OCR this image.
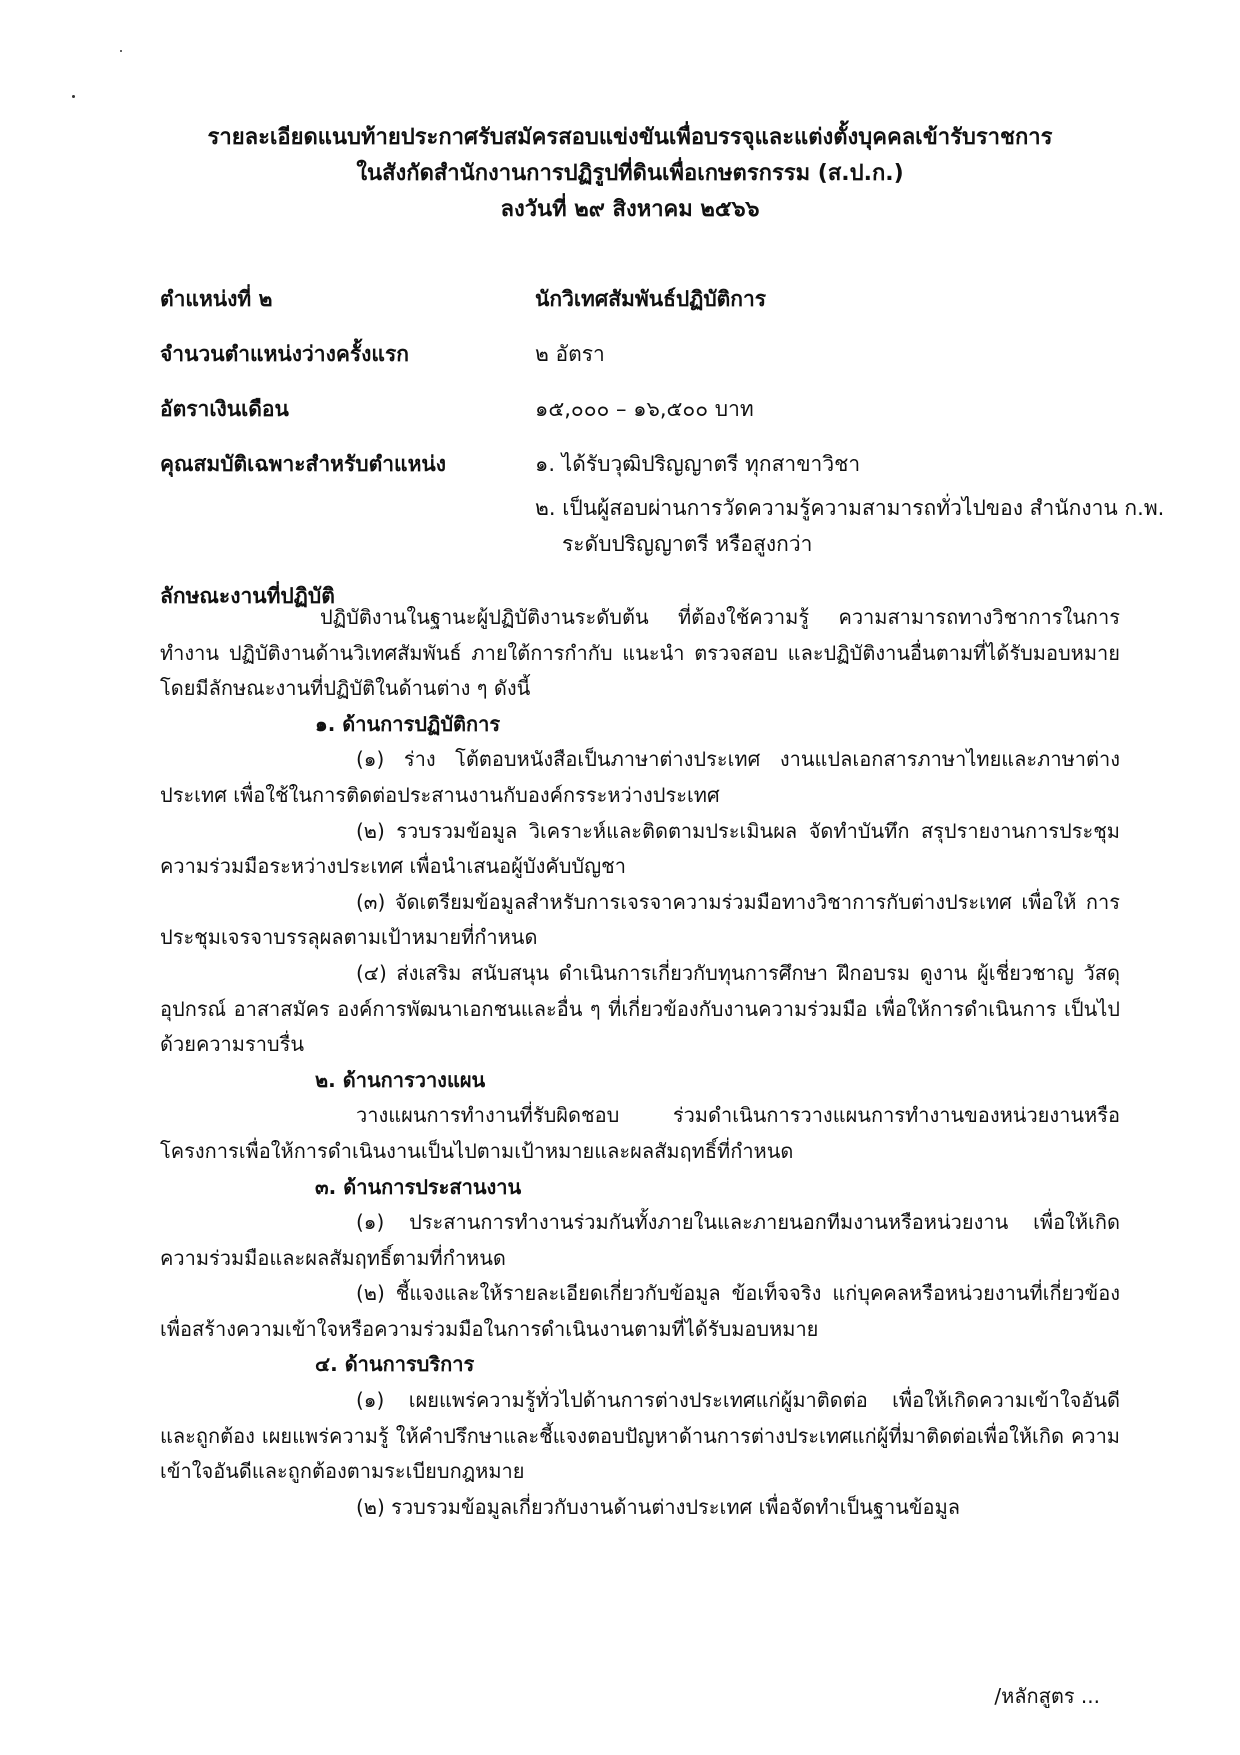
รายละเอียดแนบท้ายประกาศรับสมัครสอบแข่งขันเพื่อบรรจุและแต่งตั้งบุคคลเข้ารับราชการ
ในสังกัดสำนักงานการปฏิรูปที่ดินเพื่อเกษตรกรรม (ส.ป.ก.)
ลงวันที่ ๒๙ สิงหาคม ๒๕๖๖
ตำแหน่งที่ ๒	นักวิเทศสัมพันธ์ปฏิบัติการ
จำนวนตำแหน่งว่างครั้งแรก	๒ อัตรา
อัตราเงินเดือน	๑๕,๐๐๐ – ๑๖,๕๐๐ บาท
คุณสมบัติเฉพาะสำหรับตำแหน่ง	๑. ได้รับวุฒิปริญญาตรี ทุกสาขาวิชา
๒. เป็นผู้สอบผ่านการวัดความรู้ความสามารถทั่วไปของ สำนักงาน ก.พ.
ระดับปริญญาตรี หรือสูงกว่า
ลักษณะงานที่ปฏิบัติ

ปฏิบัติงานในฐานะผู้ปฏิบัติงานระดับต้น ที่ต้องใช้ความรู้ ความสามารถทางวิชาการในการทำงาน ปฏิบัติงานด้านวิเทศสัมพันธ์ ภายใต้การกำกับ แนะนำ ตรวจสอบ และปฏิบัติงานอื่นตามที่ได้รับมอบหมาย โดยมีลักษณะงานที่ปฏิบัติในด้านต่าง ๆ ดังนี้

๑. ด้านการปฏิบัติการ

(๑) ร่าง โต้ตอบหนังสือเป็นภาษาต่างประเทศ งานแปลเอกสารภาษาไทยและภาษาต่างประเทศ เพื่อใช้ในการติดต่อประสานงานกับองค์กรระหว่างประเทศ

(๒) รวบรวมข้อมูล วิเคราะห์และติดตามประเมินผล จัดทำบันทึก สรุปรายงานการประชุม ความร่วมมือระหว่างประเทศ เพื่อนำเสนอผู้บังคับบัญชา

(๓) จัดเตรียมข้อมูลสำหรับการเจรจาความร่วมมือทางวิชาการกับต่างประเทศ เพื่อให้ การประชุมเจรจาบรรลุผลตามเป้าหมายที่กำหนด

(๔) ส่งเสริม สนับสนุน ดำเนินการเกี่ยวกับทุนการศึกษา ฝึกอบรม ดูงาน ผู้เชี่ยวชาญ วัสดุ อุปกรณ์ อาสาสมัคร องค์การพัฒนาเอกชนและอื่น ๆ ที่เกี่ยวข้องกับงานความร่วมมือ เพื่อให้การดำเนินการ เป็นไปด้วยความราบรื่น

๒. ด้านการวางแผน

วางแผนการทำงานที่รับผิดชอบ ร่วมดำเนินการวางแผนการทำงานของหน่วยงานหรือ โครงการเพื่อให้การดำเนินงานเป็นไปตามเป้าหมายและผลสัมฤทธิ์ที่กำหนด

๓. ด้านการประสานงาน

(๑) ประสานการทำงานร่วมกันทั้งภายในและภายนอกทีมงานหรือหน่วยงาน เพื่อให้เกิด ความร่วมมือและผลสัมฤทธิ์ตามที่กำหนด

(๒) ชี้แจงและให้รายละเอียดเกี่ยวกับข้อมูล ข้อเท็จจริง แก่บุคคลหรือหน่วยงานที่เกี่ยวข้อง เพื่อสร้างความเข้าใจหรือความร่วมมือในการดำเนินงานตามที่ได้รับมอบหมาย

๔. ด้านการบริการ

(๑) เผยแพร่ความรู้ทั่วไปด้านการต่างประเทศแก่ผู้มาติดต่อ เพื่อให้เกิดความเข้าใจอันดี และถูกต้อง เผยแพร่ความรู้ ให้คำปรึกษาและชี้แจงตอบปัญหาด้านการต่างประเทศแก่ผู้ที่มาติดต่อเพื่อให้เกิด ความเข้าใจอันดีและถูกต้องตามระเบียบกฎหมาย

(๒) รวบรวมข้อมูลเกี่ยวกับงานด้านต่างประเทศ เพื่อจัดทำเป็นฐานข้อมูล

/หลักสูตร ...
